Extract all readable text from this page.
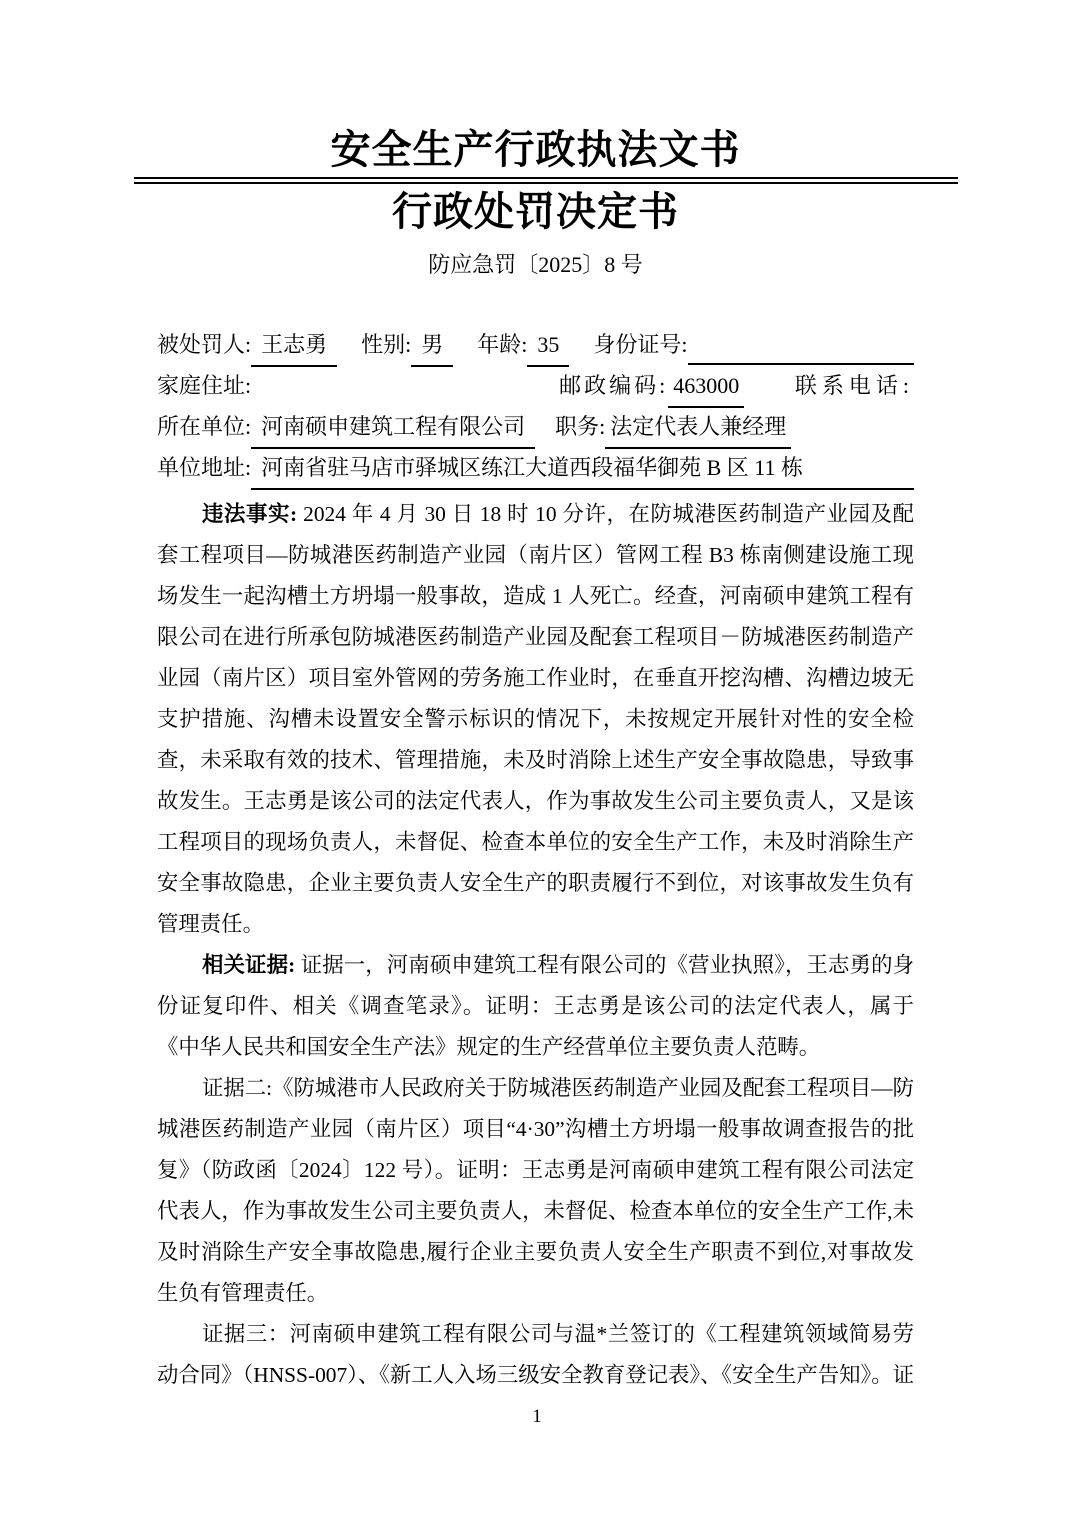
安全生产行政执法文书
行政处罚决定书
防应急罚〔2025〕8 号
被处罚人: 王志勇	性别: 男	年龄: 35	身份证号:
家庭住址:	邮政编码: 463000	联系电话:
所在单位: 河南硕申建筑工程有限公司	职务: 法定代表人兼经理
单位地址: 河南省驻马店市驿城区练江大道西段福华御苑 B 区 11 栋

违法事实: 2024 年 4 月 30 日 18 时 10 分许，在防城港医药制造产业园及配套工程项目—防城港医药制造产业园（南片区）管网工程 B3 栋南侧建设施工现场发生一起沟槽土方坍塌一般事故，造成 1 人死亡。经查，河南硕申建筑工程有限公司在进行所承包防城港医药制造产业园及配套工程项目－防城港医药制造产业园（南片区）项目室外管网的劳务施工作业时，在垂直开挖沟槽、沟槽边坡无支护措施、沟槽未设置安全警示标识的情况下，未按规定开展针对性的安全检查，未采取有效的技术、管理措施，未及时消除上述生产安全事故隐患，导致事故发生。王志勇是该公司的法定代表人，作为事故发生公司主要负责人，又是该工程项目的现场负责人，未督促、检查本单位的安全生产工作，未及时消除生产安全事故隐患，企业主要负责人安全生产的职责履行不到位，对该事故发生负有管理责任。

相关证据: 证据一，河南硕申建筑工程有限公司的《营业执照》，王志勇的身份证复印件、相关《调查笔录》。证明：王志勇是该公司的法定代表人，属于《中华人民共和国安全生产法》规定的生产经营单位主要负责人范畴。

证据二:《防城港市人民政府关于防城港医药制造产业园及配套工程项目—防城港医药制造产业园（南片区）项目“4·30”沟槽土方坍塌一般事故调查报告的批复》（防政函〔2024〕122 号）。证明：王志勇是河南硕申建筑工程有限公司法定代表人，作为事故发生公司主要负责人，未督促、检查本单位的安全生产工作,未及时消除生产安全事故隐患,履行企业主要负责人安全生产职责不到位,对事故发生负有管理责任。

证据三：河南硕申建筑工程有限公司与温*兰签订的《工程建筑领域简易劳动合同》（HNSS-007）、《新工人入场三级安全教育登记表》、《安全生产告知》。证

1
